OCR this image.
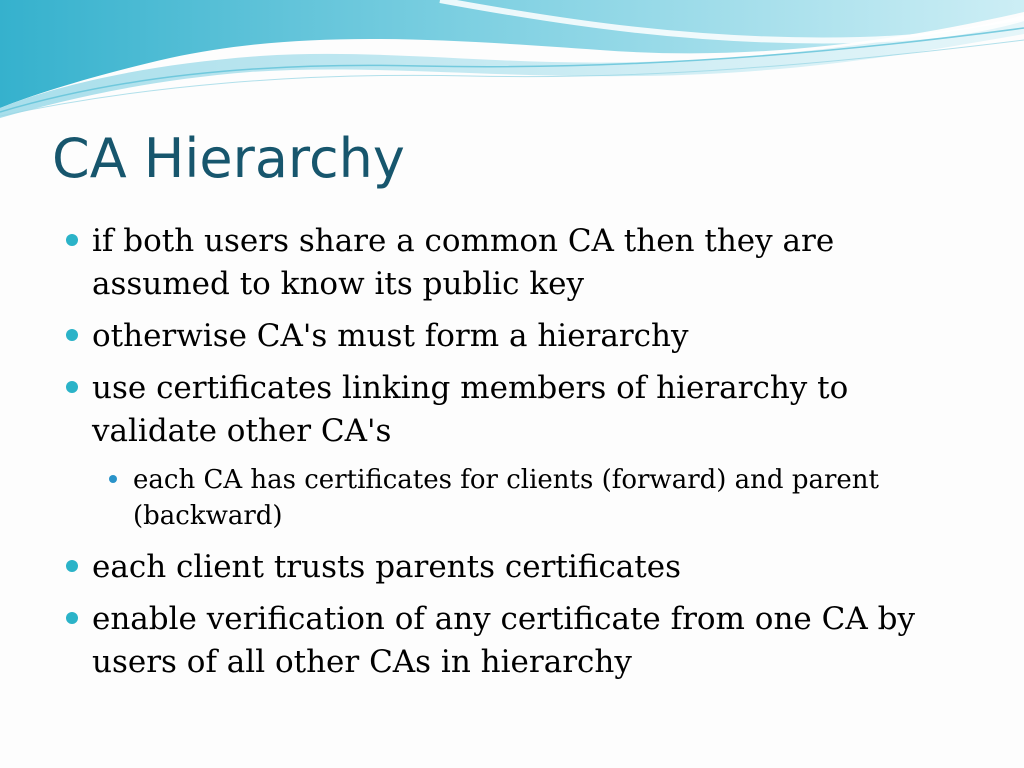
CA Hierarchy
if both users share a common CA then they are assumed to know its public key
otherwise CA's must form a hierarchy
use certificates linking members of hierarchy to validate other CA's
each CA has certificates for clients (forward) and parent (backward)
each client trusts parents certificates
enable verification of any certificate from one CA by users of all other CAs in hierarchy
